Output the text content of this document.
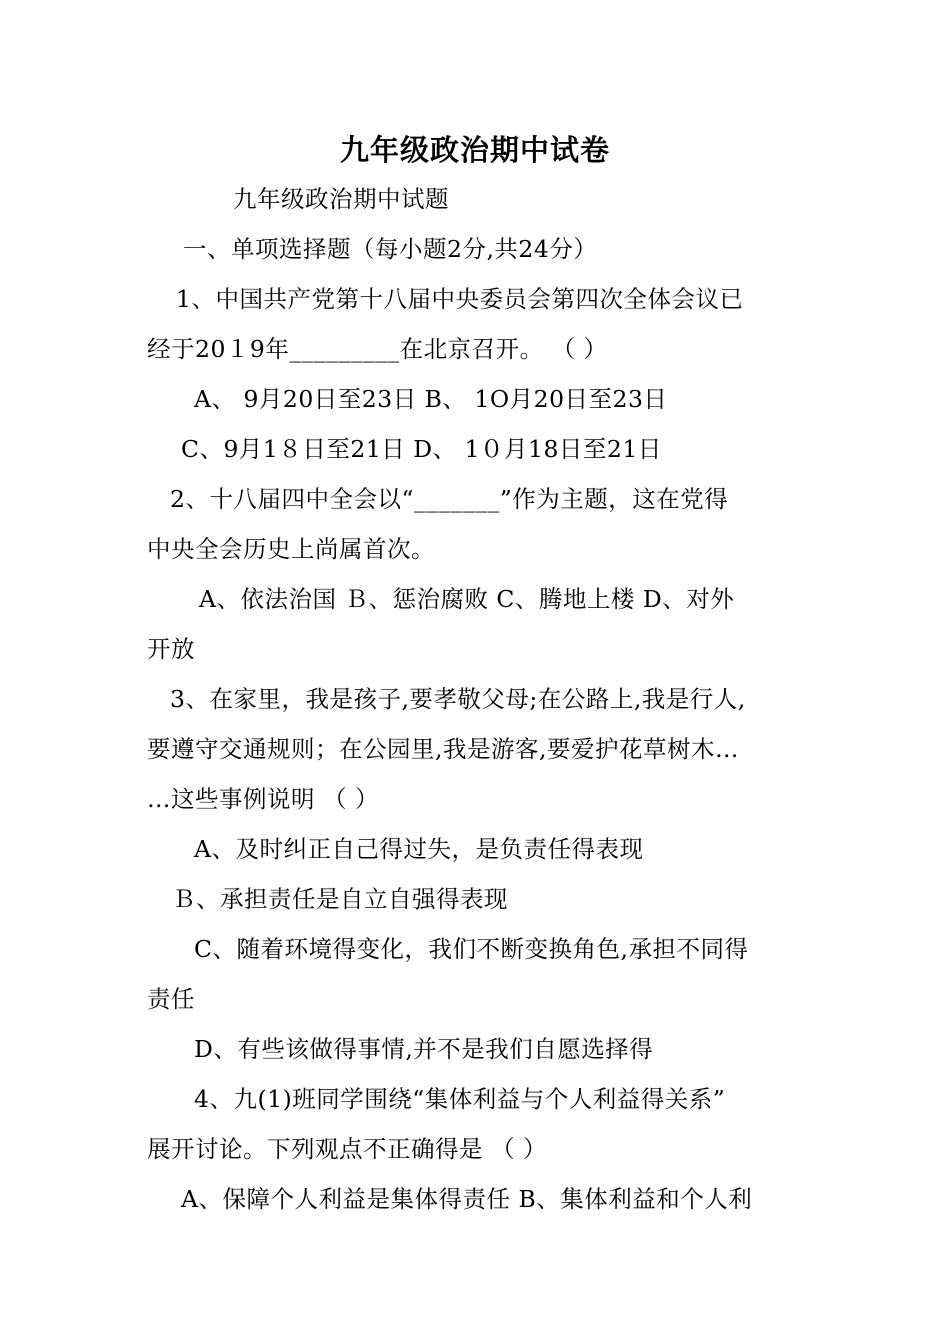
九年级政治期中试卷
九年级政治期中试题
一、单项选择题（每小题2分,共24分）
1、中国共产党第十八届中央委员会第四次全体会议已
经于20１9年_________在北京召开。 （ ）
A、 9月20日至23日 B、 1O月20日至23日
C、9月1８日至21日 D、 1０月18日至21日
2、十八届四中全会以“_______”作为主题，这在党得
中央全会历史上尚属首次。
A、依法治国 Ｂ、惩治腐败 C、腾地上楼 D、对外
开放
3、在家里，我是孩子,要孝敬父母;在公路上,我是行人,
要遵守交通规则；在公园里,我是游客,要爱护花草树木…
…这些事例说明 （ ）
A、及时纠正自己得过失，是负责任得表现
Ｂ、承担责任是自立自强得表现
C、随着环境得变化，我们不断变换角色,承担不同得
责任
D、有些该做得事情,并不是我们自愿选择得
4、九(1)班同学围绕“集体利益与个人利益得关系”
展开讨论。下列观点不正确得是 （ ）
A、保障个人利益是集体得责任 B、集体利益和个人利
